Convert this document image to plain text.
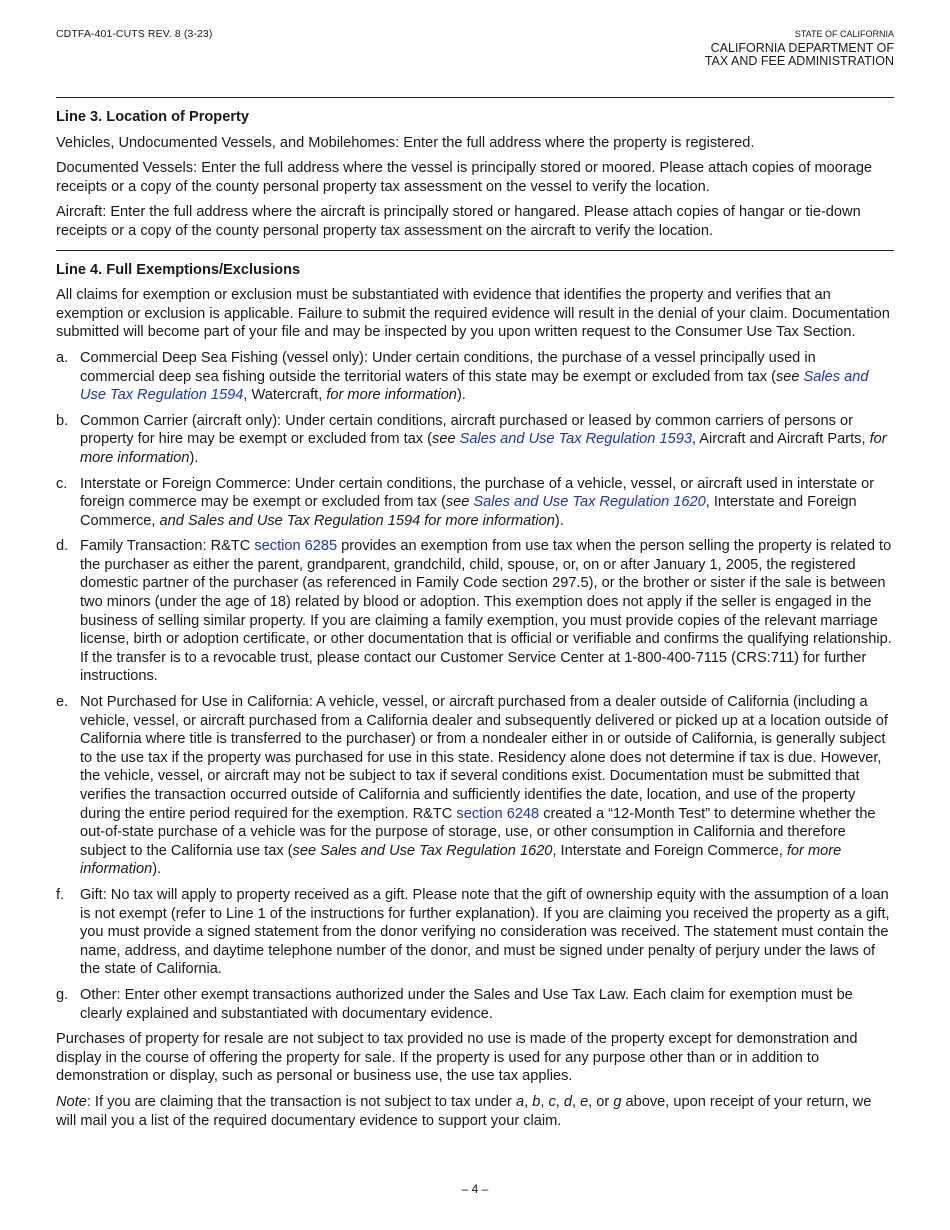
CDTFA-401-CUTS REV. 8 (3-23)	STATE OF CALIFORNIA
CALIFORNIA DEPARTMENT OF
TAX AND FEE ADMINISTRATION
Line 3. Location of Property

Vehicles, Undocumented Vessels, and Mobilehomes: Enter the full address where the property is registered.

Documented Vessels: Enter the full address where the vessel is principally stored or moored. Please attach copies of moorage receipts or a copy of the county personal property tax assessment on the vessel to verify the location.

Aircraft: Enter the full address where the aircraft is principally stored or hangared. Please attach copies of hangar or tie-down receipts or a copy of the county personal property tax assessment on the aircraft to verify the location.

Line 4. Full Exemptions/Exclusions

All claims for exemption or exclusion must be substantiated with evidence that identifies the property and verifies that an exemption or exclusion is applicable. Failure to submit the required evidence will result in the denial of your claim. Documentation submitted will become part of your file and may be inspected by you upon written request to the Consumer Use Tax Section.

a. Commercial Deep Sea Fishing (vessel only): Under certain conditions, the purchase of a vessel principally used in commercial deep sea fishing outside the territorial waters of this state may be exempt or excluded from tax (see Sales and Use Tax Regulation 1594, Watercraft, for more information).
b. Common Carrier (aircraft only): Under certain conditions, aircraft purchased or leased by common carriers of persons or property for hire may be exempt or excluded from tax (see Sales and Use Tax Regulation 1593, Aircraft and Aircraft Parts, for more information).
c. Interstate or Foreign Commerce: Under certain conditions, the purchase of a vehicle, vessel, or aircraft used in interstate or foreign commerce may be exempt or excluded from tax (see Sales and Use Tax Regulation 1620, Interstate and Foreign Commerce, and Sales and Use Tax Regulation 1594 for more information).
d. Family Transaction: R&TC section 6285 provides an exemption from use tax when the person selling the property is related to the purchaser as either the parent, grandparent, grandchild, child, spouse, or, on or after January 1, 2005, the registered domestic partner of the purchaser (as referenced in Family Code section 297.5), or the brother or sister if the sale is between two minors (under the age of 18) related by blood or adoption. This exemption does not apply if the seller is engaged in the business of selling similar property. If you are claiming a family exemption, you must provide copies of the relevant marriage license, birth or adoption certificate, or other documentation that is official or verifiable and confirms the qualifying relationship. If the transfer is to a revocable trust, please contact our Customer Service Center at 1-800-400-7115 (CRS:711) for further instructions.
e. Not Purchased for Use in California: A vehicle, vessel, or aircraft purchased from a dealer outside of California (including a vehicle, vessel, or aircraft purchased from a California dealer and subsequently delivered or picked up at a location outside of California where title is transferred to the purchaser) or from a nondealer either in or outside of California, is generally subject to the use tax if the property was purchased for use in this state. Residency alone does not determine if tax is due. However, the vehicle, vessel, or aircraft may not be subject to tax if several conditions exist. Documentation must be submitted that verifies the transaction occurred outside of California and sufficiently identifies the date, location, and use of the property during the entire period required for the exemption. R&TC section 6248 created a “12-Month Test” to determine whether the out-of-state purchase of a vehicle was for the purpose of storage, use, or other consumption in California and therefore subject to the California use tax (see Sales and Use Tax Regulation 1620, Interstate and Foreign Commerce, for more information).
f.	Gift: No tax will apply to property received as a gift. Please note that the gift of ownership equity with the assumption of a loan is not exempt (refer to Line 1 of the instructions for further explanation). If you are claiming you received the property as a gift, you must provide a signed statement from the donor verifying no consideration was received. The statement must contain the name, address, and daytime telephone number of the donor, and must be signed under penalty of perjury under the laws of the state of California.
g. Other: Enter other exempt transactions authorized under the Sales and Use Tax Law. Each claim for exemption must be clearly explained and substantiated with documentary evidence.

Purchases of property for resale are not subject to tax provided no use is made of the property except for demonstration and display in the course of offering the property for sale. If the property is used for any purpose other than or in addition to demonstration or display, such as personal or business use, the use tax applies.

Note: If you are claiming that the transaction is not subject to tax under a, b, c, d, e, or g above, upon receipt of your return, we will mail you a list of the required documentary evidence to support your claim.

– 4 –
